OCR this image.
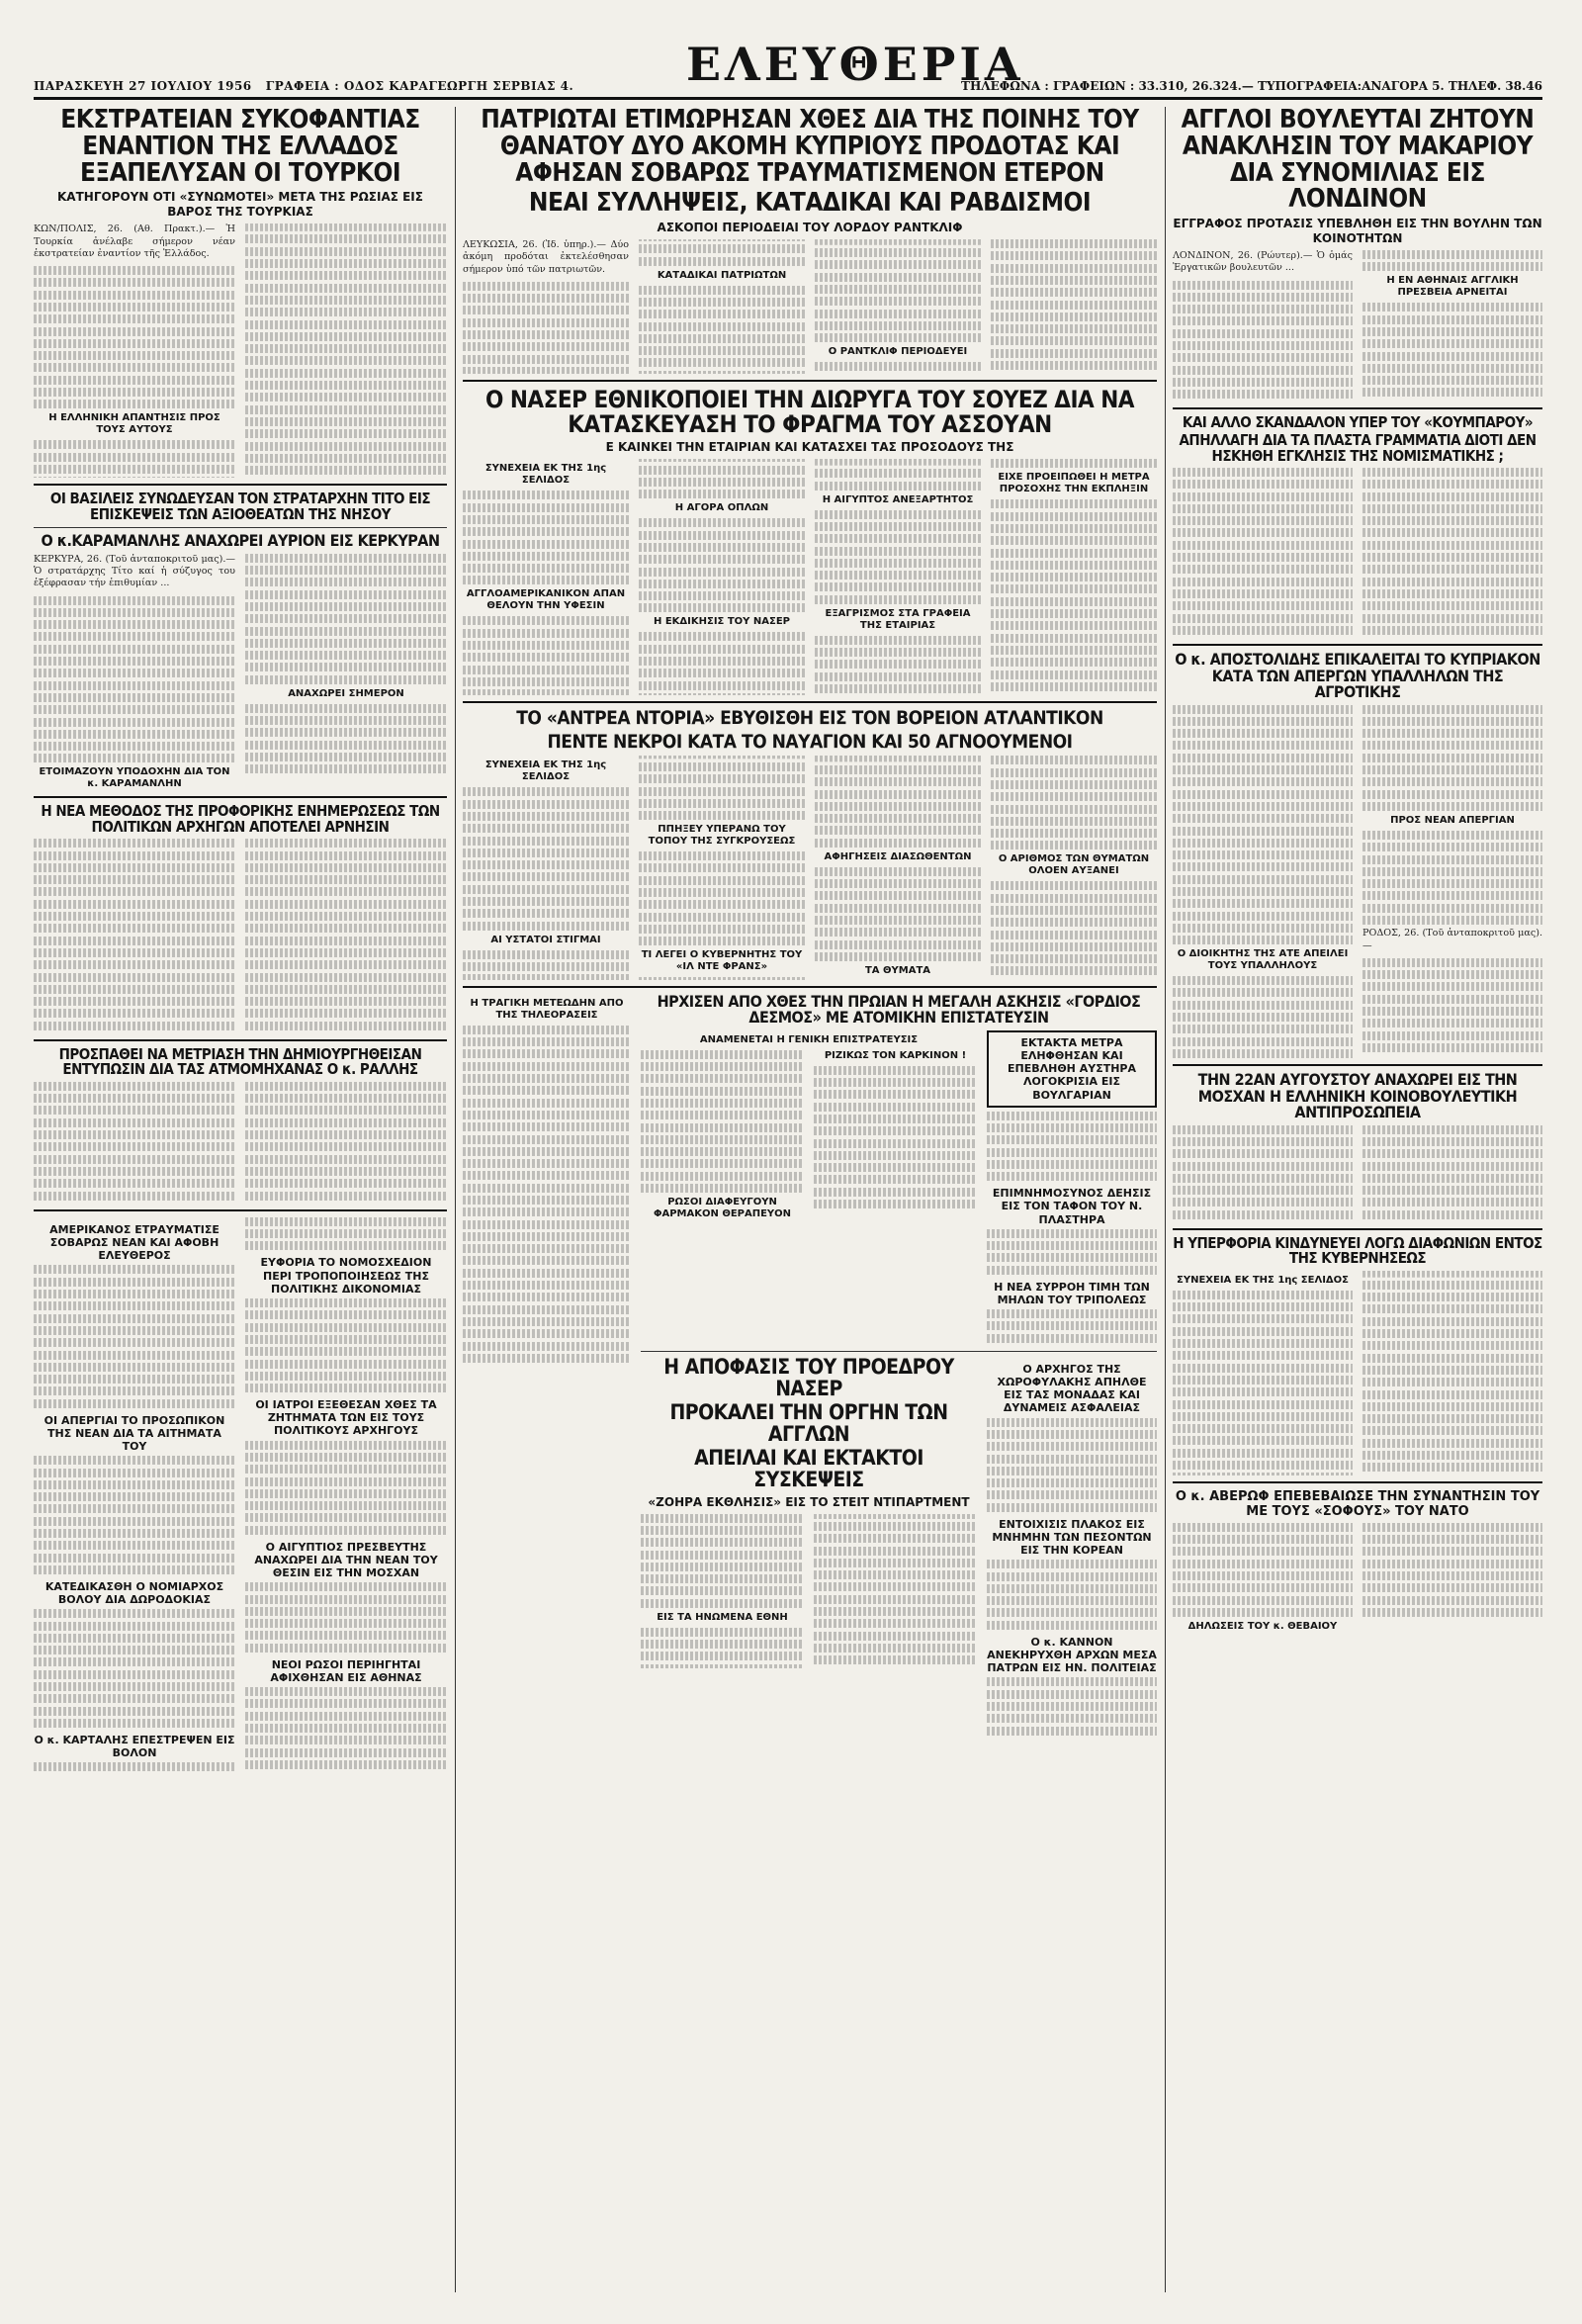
ΠΑΡΑΣΚΕΥΗ 27 ΙΟΥΛΙΟΥ 1956 ΓΡΑΦΕΙΑ : ΟΔΟΣ ΚΑΡΑΓΕΩΡΓΗ ΣΕΡΒΙΑΣ 4. ΕΛΕΥΘΕΡΙΑ
ΤΗΛΕΦΩΝΑ : ΓΡΑΦΕΙΩΝ : 33.310, 26.324.— ΤΥΠΟΓΡΑΦΕΙΑ:ΑΝΑΓΟΡΑ 5. ΤΗΛΕΦ. 38.46
ΕΚΣΤΡΑΤΕΙΑΝ ΣΥΚΟΦΑΝΤΙΑΣ ΕΝΑΝΤΙΟΝ ΤΗΣ ΕΛΛΑΔΟΣ ΕΞΑΠΕΛΥΣΑΝ ΟΙ ΤΟΥΡΚΟΙ
ΚΑΤΗΓΟΡΟΥΝ ΟΤΙ «ΣΥΝΩΜΟΤΕΙ» ΜΕΤΑ ΤΗΣ ΡΩΣΙΑΣ ΕΙΣ ΒΑΡΟΣ ΤΗΣ ΤΟΥΡΚΙΑΣ

ΚΩΝ/ΠΟΛΙΣ, 26. (Αθ. Πρακτ.).— Ἡ Τουρκία ἀνέλαβε σήμερον νέαν ἐκστρατείαν ἐναντίον τῆς Ἑλλάδος.

Η ΕΛΛΗΝΙΚΗ ΑΠΑΝΤΗΣΙΣ ΠΡΟΣ ΤΟΥΣ ΑΥΤΟΥΣ
ΟΙ ΒΑΣΙΛΕΙΣ ΣΥΝΩΔΕΥΣΑΝ ΤΟΝ ΣΤΡΑΤΑΡΧΗΝ ΤΙΤΟ ΕΙΣ ΕΠΙΣΚΕΨΕΙΣ ΤΩΝ ΑΞΙΟΘΕΑΤΩΝ ΤΗΣ ΝΗΣΟΥ
Ο κ.ΚΑΡΑΜΑΝΛΗΣ ΑΝΑΧΩΡΕΙ ΑΥΡΙΟΝ ΕΙΣ ΚΕΡΚΥΡΑΝ

ΚΕΡΚΥΡΑ, 26. (Τοῦ ἀνταποκριτοῦ μας).— Ὁ στρατάρχης Τίτο καί ἡ σύζυγος του ἐξέφρασαν τήν ἐπιθυμίαν ...

ΕΤΟΙΜΑΖΟΥΝ ΥΠΟΔΟΧΗΝ ΔΙΑ ΤΟΝ κ. ΚΑΡΑΜΑΝΛΗΝ
ΑΝΑΧΩΡΕΙ ΣΗΜΕΡΟΝ
Η ΝΕΑ ΜΕΘΟΔΟΣ ΤΗΣ ΠΡΟΦΟΡΙΚΗΣ ΕΝΗΜΕΡΩΣΕΩΣ ΤΩΝ ΠΟΛΙΤΙΚΩΝ ΑΡΧΗΓΩΝ ΑΠΟΤΕΛΕΙ ΑΡΝΗΣΙΝ
ΠΡΟΣΠΑΘΕΙ ΝΑ ΜΕΤΡΙΑΣΗ ΤΗΝ ΔΗΜΙΟΥΡΓΗΘΕΙΣΑΝ ΕΝΤΥΠΩΣΙΝ ΔΙΑ ΤΑΣ ΑΤΜΟΜΗΧΑΝΑΣ Ο κ. ΡΑΛΛΗΣ
ΑΜΕΡΙΚΑΝΟΣ ΕΤΡΑΥΜΑΤΙΣΕ ΣΟΒΑΡΩΣ ΝΕΑΝ ΚΑΙ ΑΦΟΒΗ ΕΛΕΥΘΕΡΟΣ
ΟΙ ΑΠΕΡΓΙΑΙ ΤΟ ΠΡΟΣΩΠΙΚΟΝ ΤΗΣ ΝΕΑΝ ΔΙΑ ΤΑ ΑΙΤΗΜΑΤΑ ΤΟΥ
ΚΑΤΕΔΙΚΑΣΘΗ Ο ΝΟΜΙΑΡΧΟΣ ΒΟΛΟΥ ΔΙΑ ΔΩΡΟΔΟΚΙΑΣ
Ο κ. ΚΑΡΤΑΛΗΣ ΕΠΕΣΤΡΕΨΕΝ ΕΙΣ ΒΟΛΟΝ
ΕΥΦΟΡΙΑ ΤΟ ΝΟΜΟΣΧΕΔΙΟΝ ΠΕΡΙ ΤΡΟΠΟΠΟΙΗΣΕΩΣ ΤΗΣ ΠΟΛΙΤΙΚΗΣ ΔΙΚΟΝΟΜΙΑΣ
ΟΙ ΙΑΤΡΟΙ ΕΞΕΘΕΣΑΝ ΧΘΕΣ ΤΑ ΖΗΤΗΜΑΤΑ ΤΩΝ ΕΙΣ ΤΟΥΣ ΠΟΛΙΤΙΚΟΥΣ ΑΡΧΗΓΟΥΣ
Ο ΑΙΓΥΠΤΙΟΣ ΠΡΕΣΒΕΥΤΗΣ ΑΝΑΧΩΡΕΙ ΔΙΑ ΤΗΝ ΝΕΑΝ ΤΟΥ ΘΕΣΙΝ ΕΙΣ ΤΗΝ ΜΟΣΧΑΝ
ΝΕΟΙ ΡΩΣΟΙ ΠΕΡΙΗΓΗΤΑΙ ΑΦΙΧΘΗΣΑΝ ΕΙΣ ΑΘΗΝΑΣ
ΠΑΤΡΙΩΤΑΙ ΕΤΙΜΩΡΗΣΑΝ ΧΘΕΣ ΔΙΑ ΤΗΣ ΠΟΙΝΗΣ ΤΟΥ ΘΑΝΑΤΟΥ ΔΥΟ ΑΚΟΜΗ ΚΥΠΡΙΟΥΣ ΠΡΟΔΟΤΑΣ ΚΑΙ ΑΦΗΣΑΝ ΣΟΒΑΡΩΣ ΤΡΑΥΜΑΤΙΣΜΕΝΟΝ ΕΤΕΡΟΝ
ΝΕΑΙ ΣΥΛΛΗΨΕΙΣ, ΚΑΤΑΔΙΚΑΙ ΚΑΙ ΡΑΒΔΙΣΜΟΙ
ΑΣΚΟΠΟΙ ΠΕΡΙΟΔΕΙΑΙ ΤΟΥ ΛΟΡΔΟΥ ΡΑΝΤΚΛΙΦ

ΛΕΥΚΩΣΙΑ, 26. (Ἰδ. ὑπηρ.).— Δύο ἀκόμη προδόται ἐκτελέσθησαν σήμερον ὑπό τῶν πατριωτῶν.

ΚΑΤΑΔΙΚΑΙ ΠΑΤΡΙΩΤΩΝ
Ο ΡΑΝΤΚΛΙΦ ΠΕΡΙΟΔΕΥΕΙ
Ο ΝΑΣΕΡ ΕΘΝΙΚΟΠΟΙΕΙ ΤΗΝ ΔΙΩΡΥΓΑ ΤΟΥ ΣΟΥΕΖ ΔΙΑ ΝΑ ΚΑΤΑΣΚΕΥΑΣΗ ΤΟ ΦΡΑΓΜΑ ΤΟΥ ΑΣΣΟΥΑΝ
Ε ΚΑΙΝΚΕΙ ΤΗΝ ΕΤΑΙΡΙΑΝ ΚΑΙ ΚΑΤΑΣΧΕΙ ΤΑΣ ΠΡΟΣΟΔΟΥΣ ΤΗΣ
ΣΥΝΕΧΕΙΑ ΕΚ ΤΗΣ 1ης ΣΕΛΙΔΟΣ
ΑΓΓΛΟΑΜΕΡΙΚΑΝΙΚΟΝ ΑΠΑΝ ΘΕΛΟΥΝ ΤΗΝ ΥΦΕΣΙΝ
Η ΑΓΟΡΑ ΟΠΛΩΝ
Η ΕΚΔΙΚΗΣΙΣ ΤΟΥ ΝΑΣΕΡ
Η ΑΙΓΥΠΤΟΣ ΑΝΕΞΑΡΤΗΤΟΣ
ΕΞΑΓΡΙΣΜΟΣ ΣΤΑ ΓΡΑΦΕΙΑ ΤΗΣ ΕΤΑΙΡΙΑΣ
ΕΙΧΕ ΠΡΟΕΙΠΩΘΕΙ Η ΜΕΤΡΑ ΠΡΟΣΟΧΗΣ ΤΗΝ ΕΚΠΛΗΞΙΝ
ΤΟ «ΑΝΤΡΕΑ ΝΤΟΡΙΑ» ΕΒΥΘΙΣΘΗ ΕΙΣ ΤΟΝ ΒΟΡΕΙΟΝ ΑΤΛΑΝΤΙΚΟΝ
ΠΕΝΤΕ ΝΕΚΡΟΙ ΚΑΤΑ ΤΟ ΝΑΥΑΓΙΟΝ ΚΑΙ 50 ΑΓΝΟΟΥΜΕΝΟΙ
ΣΥΝΕΧΕΙΑ ΕΚ ΤΗΣ 1ης ΣΕΛΙΔΟΣ
ΑΙ ΥΣΤΑΤΟΙ ΣΤΙΓΜΑΙ
ΠΠΗΞΕΥ ΥΠΕΡΑΝΩ ΤΟΥ ΤΟΠΟΥ ΤΗΣ ΣΥΓΚΡΟΥΣΕΩΣ
ΤΙ ΛΕΓΕΙ Ο ΚΥΒΕΡΝΗΤΗΣ ΤΟΥ «ΙΛ ΝΤΕ ΦΡΑΝΣ»
ΑΦΗΓΗΣΕΙΣ ΔΙΑΣΩΘΕΝΤΩΝ
ΤΑ ΘΥΜΑΤΑ
Ο ΑΡΙΘΜΟΣ ΤΩΝ ΘΥΜΑΤΩΝ ΟΛΟΕΝ ΑΥΞΑΝΕΙ
Η ΤΡΑΓΙΚΗ ΜΕΤΕΩΔΗΝ ΑΠΟ ΤΗΣ ΤΗΛΕΟΡΑΣΕΙΣ
ΗΡΧΙΣΕΝ ΑΠΟ ΧΘΕΣ ΤΗΝ ΠΡΩΙΑΝ Η ΜΕΓΑΛΗ ΑΣΚΗΣΙΣ «ΓΟΡΔΙΟΣ ΔΕΣΜΟΣ» ΜΕ ΑΤΟΜΙΚΗΝ ΕΠΙΣΤΑΤΕΥΣΙΝ
ΑΝΑΜΕΝΕΤΑΙ Η ΓΕΝΙΚΗ ΕΠΙΣΤΡΑΤΕΥΣΙΣ
ΡΩΣΟΙ ΔΙΑΦΕΥΓΟΥΝ ΦΑΡΜΑΚΟΝ ΘΕΡΑΠΕΥΟΝ ΡΙΖΙΚΩΣ ΤΟΝ ΚΑΡΚΙΝΟΝ !
ΕΚΤΑΚΤΑ ΜΕΤΡΑ ΕΛΗΦΘΗΣΑΝ ΚΑΙ ΕΠΕΒΛΗΘΗ ΑΥΣΤΗΡΑ ΛΟΓΟΚΡΙΣΙΑ ΕΙΣ ΒΟΥΛΓΑΡΙΑΝ
ΕΠΙΜΝΗΜΟΣΥΝΟΣ ΔΕΗΣΙΣ ΕΙΣ ΤΟΝ ΤΑΦΟΝ ΤΟΥ Ν. ΠΛΑΣΤΗΡΑ
Η ΝΕΑ ΣΥΡΡΟΗ ΤΙΜΗ ΤΩΝ ΜΗΛΩΝ ΤΟΥ ΤΡΙΠΟΛΕΩΣ
Η ΑΠΟΦΑΣΙΣ ΤΟΥ ΠΡΟΕΔΡΟΥ ΝΑΣΕΡ
ΠΡΟΚΑΛΕΙ ΤΗΝ ΟΡΓΗΝ ΤΩΝ ΑΓΓΛΩΝ
ΑΠΕΙΛΑΙ ΚΑΙ ΕΚΤΑΚΤΟΙ ΣΥΣΚΕΨΕΙΣ
«ΖΟΗΡΑ ΕΚΘΛΗΣΙΣ» ΕΙΣ ΤΟ ΣΤΕΙΤ ΝΤΙΠΑΡΤΜΕΝΤ
ΕΙΣ ΤΑ ΗΝΩΜΕΝΑ ΕΘΝΗ
Ο ΑΡΧΗΓΟΣ ΤΗΣ ΧΩΡΟΦΥΛΑΚΗΣ ΑΠΗΛΘΕ ΕΙΣ ΤΑΣ ΜΟΝΑΔΑΣ ΚΑΙ ΔΥΝΑΜΕΙΣ ΑΣΦΑΛΕΙΑΣ
ΕΝΤΟΙΧΙΣΙΣ ΠΛΑΚΟΣ ΕΙΣ ΜΝΗΜΗΝ ΤΩΝ ΠΕΣΟΝΤΩΝ ΕΙΣ ΤΗΝ ΚΟΡΕΑΝ
Ο κ. ΚΑΝΝΟΝ ΑΝΕΚΗΡΥΧΘΗ ΑΡΧΩΝ ΜΕΣΑ ΠΑΤΡΩΝ ΕΙΣ ΗΝ. ΠΟΛΙΤΕΙΑΣ
ΑΓΓΛΟΙ ΒΟΥΛΕΥΤΑΙ ΖΗΤΟΥΝ ΑΝΑΚΛΗΣΙΝ ΤΟΥ ΜΑΚΑΡΙΟΥ ΔΙΑ ΣΥΝΟΜΙΛΙΑΣ ΕΙΣ ΛΟΝΔΙΝΟΝ
ΕΓΓΡΑΦΟΣ ΠΡΟΤΑΣΙΣ ΥΠΕΒΛΗΘΗ ΕΙΣ ΤΗΝ ΒΟΥΛΗΝ ΤΩΝ ΚΟΙΝΟΤΗΤΩΝ

ΛΟΝΔΙΝΟΝ, 26. (Ρώυτερ).— Ὁ ὁμάς Ἐργατικῶν βουλευτῶν ...

Η ΕΝ ΑΘΗΝΑΙΣ ΑΓΓΛΙΚΗ ΠΡΕΣΒΕΙΑ ΑΡΝΕΙΤΑΙ
ΚΑΙ ΑΛΛΟ ΣΚΑΝΔΑΛΟΝ ΥΠΕΡ ΤΟΥ «ΚΟΥΜΠΑΡΟΥ»
ΑΠΗΛΛΑΓΗ ΔΙΑ ΤΑ ΠΛΑΣΤΑ ΓΡΑΜΜΑΤΙΑ ΔΙΟΤΙ ΔΕΝ ΗΣΚΗΘΗ ΕΓΚΛΗΣΙΣ ΤΗΣ ΝΟΜΙΣΜΑΤΙΚΗΣ ;
Ο κ. ΑΠΟΣΤΟΛΙΔΗΣ ΕΠΙΚΑΛΕΙΤΑΙ ΤΟ ΚΥΠΡΙΑΚΟΝ ΚΑΤΑ ΤΩΝ ΑΠΕΡΓΩΝ ΥΠΑΛΛΗΛΩΝ ΤΗΣ ΑΓΡΟΤΙΚΗΣ
Ο ΔΙΟΙΚΗΤΗΣ ΤΗΣ ΑΤΕ ΑΠΕΙΛΕΙ ΤΟΥΣ ΥΠΑΛΛΗΛΟΥΣ
ΠΡΟΣ ΝΕΑΝ ΑΠΕΡΓΙΑΝ

ΡΟΔΟΣ, 26. (Τοῦ ἀνταποκριτοῦ μας).—

ΤΗΝ 22ΑΝ ΑΥΓΟΥΣΤΟΥ ΑΝΑΧΩΡΕΙ ΕΙΣ ΤΗΝ ΜΟΣΧΑΝ Η ΕΛΛΗΝΙΚΗ ΚΟΙΝΟΒΟΥΛΕΥΤΙΚΗ ΑΝΤΙΠΡΟΣΩΠΕΙΑ
Η ΥΠΕΡΦΟΡΙΑ ΚΙΝΔΥΝΕΥΕΙ ΛΟΓΩ ΔΙΑΦΩΝΙΩΝ ΕΝΤΟΣ ΤΗΣ ΚΥΒΕΡΝΗΣΕΩΣ
ΣΥΝΕΧΕΙΑ ΕΚ ΤΗΣ 1ης ΣΕΛΙΔΟΣ
Ο κ. ΑΒΕΡΩΦ ΕΠΕΒΕΒΑΙΩΣΕ ΤΗΝ ΣΥΝΑΝΤΗΣΙΝ ΤΟΥ ΜΕ ΤΟΥΣ «ΣΟΦΟΥΣ» ΤΟΥ ΝΑΤΟ
ΔΗΛΩΣΕΙΣ ΤΟΥ κ. ΘΕΒΑΙΟΥ
